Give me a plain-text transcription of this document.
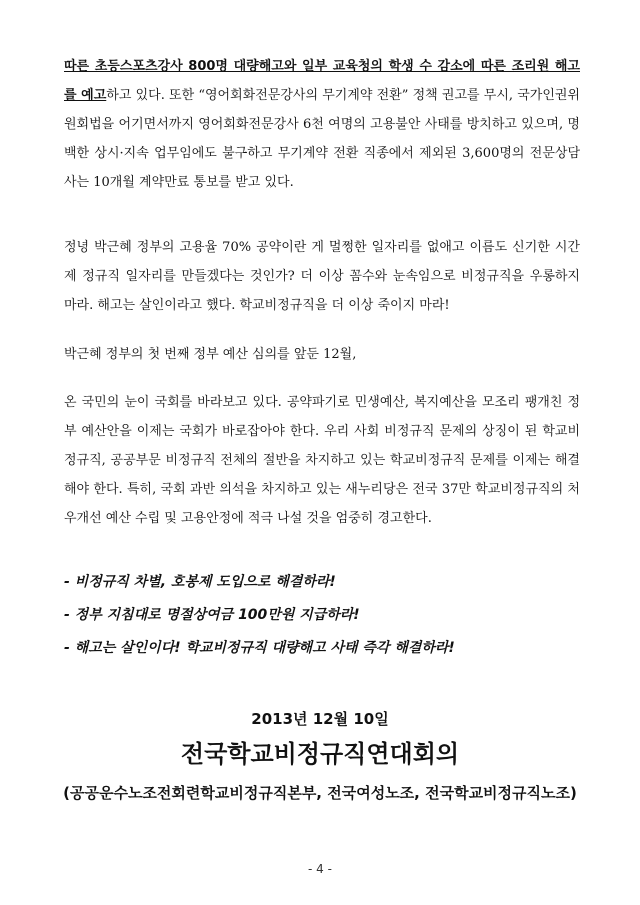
따른 초등스포츠강사 800명 대량해고와 일부 교육청의 학생 수 감소에 따른 조리원 해고를 예고하고 있다. 또한 “영어회화전문강사의 무기계약 전환” 정책 권고를 무시, 국가인권위원회법을 어기면서까지 영어회화전문강사 6천 여명의 고용불안 사태를 방치하고 있으며, 명백한 상시·지속 업무임에도 불구하고 무기계약 전환 직종에서 제외된 3,600명의 전문상담사는 10개월 계약만료 통보를 받고 있다.

정녕 박근혜 정부의 고용율 70% 공약이란 게 멀쩡한 일자리를 없애고 이름도 신기한 시간제 정규직 일자리를 만들겠다는 것인가? 더 이상 꼼수와 눈속임으로 비정규직을 우롱하지 마라. 해고는 살인이라고 했다. 학교비정규직을 더 이상 죽이지 마라!

박근혜 정부의 첫 번째 정부 예산 심의를 앞둔 12월,

온 국민의 눈이 국회를 바라보고 있다. 공약파기로 민생예산, 복지예산을 모조리 팽개친 정부 예산안을 이제는 국회가 바로잡아야 한다. 우리 사회 비정규직 문제의 상징이 된 학교비정규직, 공공부문 비정규직 전체의 절반을 차지하고 있는 학교비정규직 문제를 이제는 해결해야 한다. 특히, 국회 과반 의석을 차지하고 있는 새누리당은 전국 37만 학교비정규직의 처우개선 예산 수립 및 고용안정에 적극 나설 것을 엄중히 경고한다.

- 비정규직 차별, 호봉제 도입으로 해결하라!
- 정부 지침대로 명절상여금 100만원 지급하라!
- 해고는 살인이다! 학교비정규직 대량해고 사태 즉각 해결하라!
2013년 12월 10일
전국학교비정규직연대회의
(공공운수노조전회련학교비정규직본부, 전국여성노조, 전국학교비정규직노조)
- 4 -
